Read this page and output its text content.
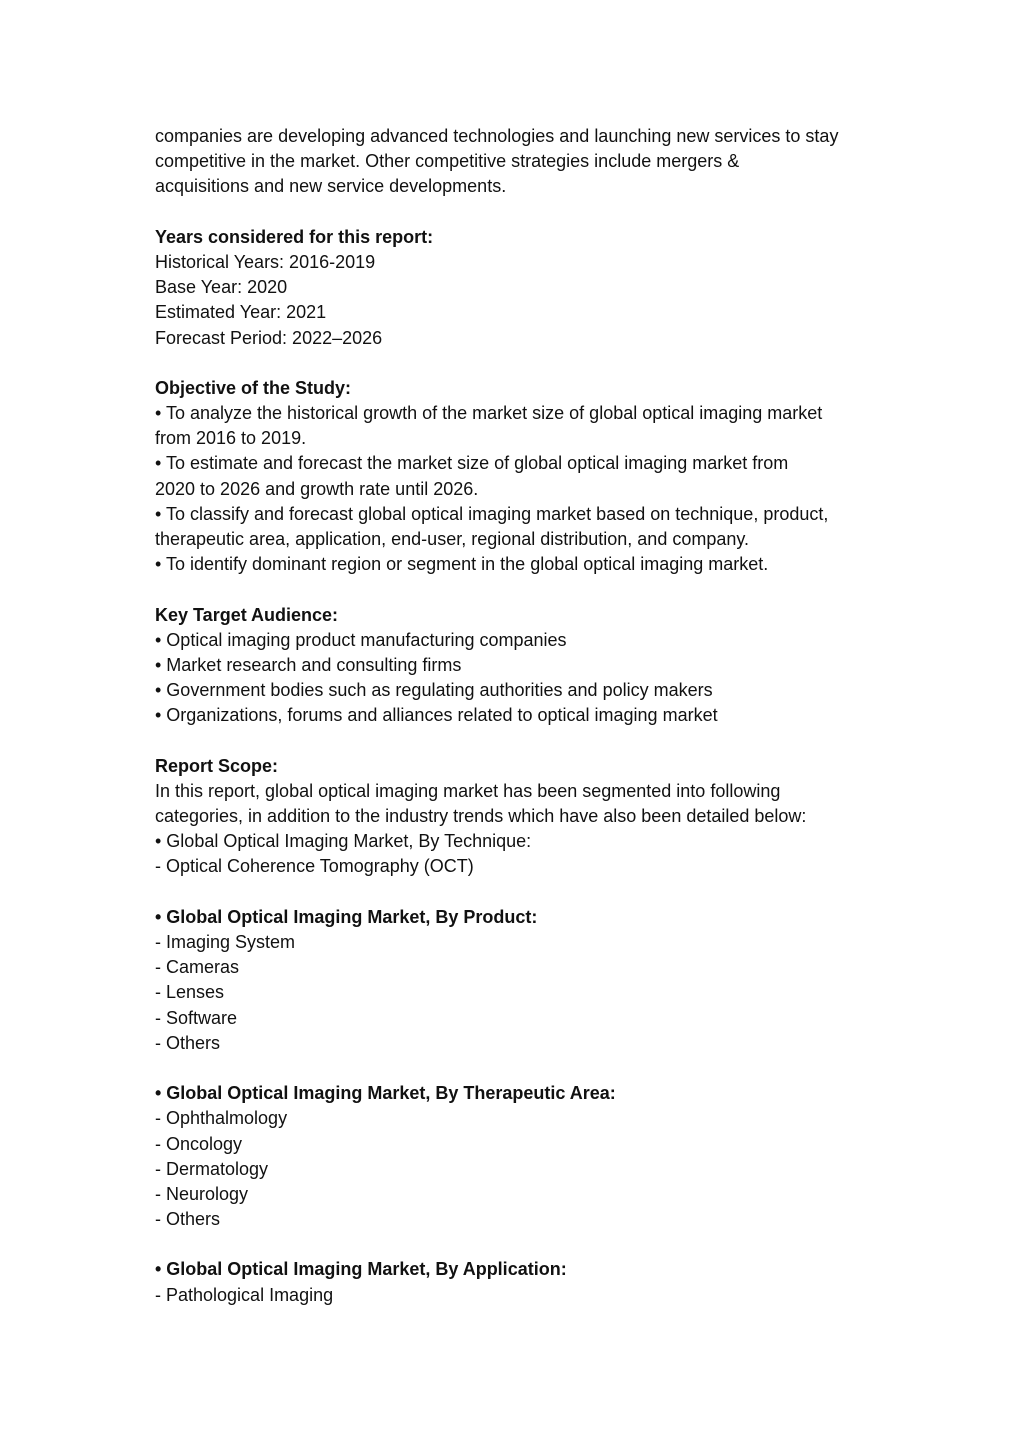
companies are developing advanced technologies and launching new services to stay

competitive in the market. Other competitive strategies include mergers &

acquisitions and new service developments.

Years considered for this report:

Historical Years: 2016-2019

Base Year: 2020

Estimated Year: 2021

Forecast Period: 2022–2026

Objective of the Study:

• To analyze the historical growth of the market size of global optical imaging market

from 2016 to 2019.

• To estimate and forecast the market size of global optical imaging market from

2020 to 2026 and growth rate until 2026.

• To classify and forecast global optical imaging market based on technique, product,

therapeutic area, application, end-user, regional distribution, and company.

• To identify dominant region or segment in the global optical imaging market.

Key Target Audience:

• Optical imaging product manufacturing companies

• Market research and consulting firms

• Government bodies such as regulating authorities and policy makers

• Organizations, forums and alliances related to optical imaging market

Report Scope:

In this report, global optical imaging market has been segmented into following

categories, in addition to the industry trends which have also been detailed below:

• Global Optical Imaging Market, By Technique:

- Optical Coherence Tomography (OCT)

• Global Optical Imaging Market, By Product:

- Imaging System

- Cameras

- Lenses

- Software

- Others

• Global Optical Imaging Market, By Therapeutic Area:

- Ophthalmology

- Oncology

- Dermatology

- Neurology

- Others

• Global Optical Imaging Market, By Application:

- Pathological Imaging
